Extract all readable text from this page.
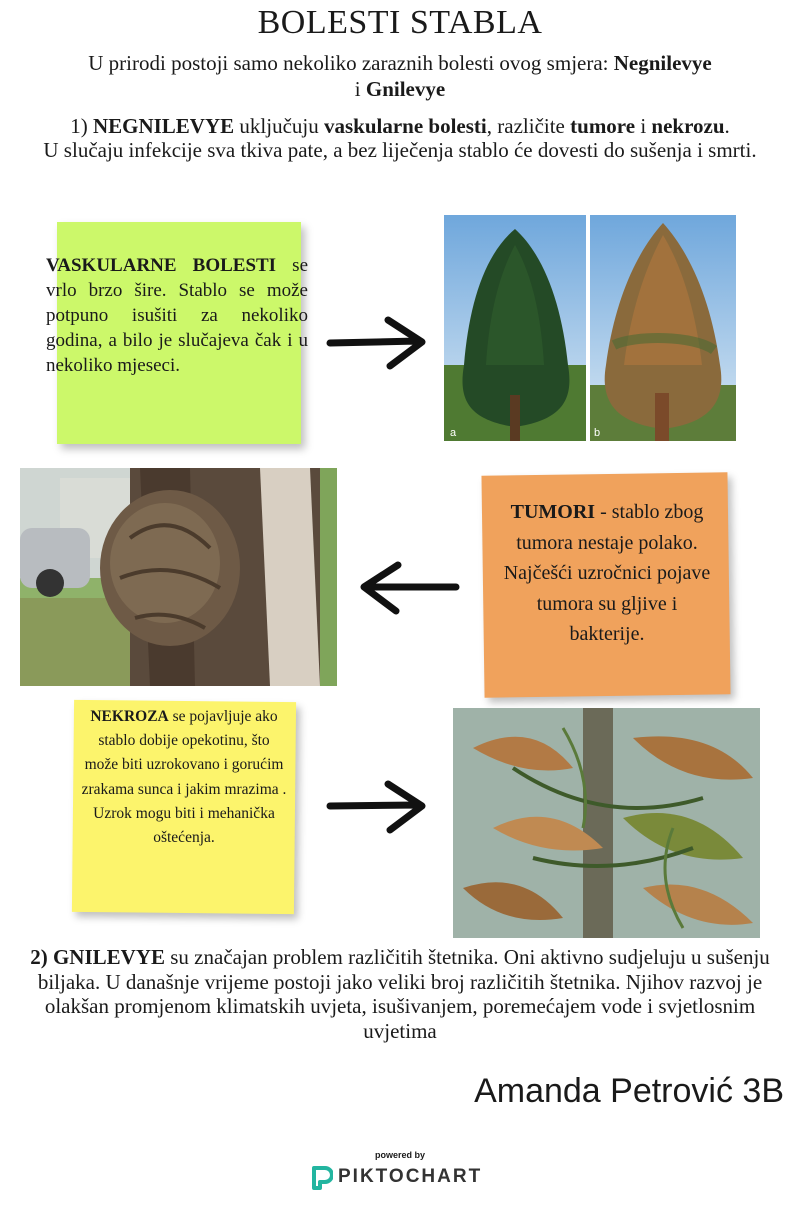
BOLESTI STABLA
U prirodi postoji samo nekoliko zaraznih bolesti ovog smjera: Negnilevye
i Gnilevye
1) NEGNILEVYE uključuju vaskularne bolesti, različite tumore i nekrozu.
U slučaju infekcije sva tkiva pate, a bez liječenja stablo će dovesti do sušenja i smrti.
VASKULARNE BOLESTI se vrlo brzo šire. Stablo se može potpuno isušiti za nekoliko godina, a bilo je slučajeva čak i u nekoliko mjeseci.
a	b
TUMORI - stablo zbog tumora nestaje polako. Najčešći uzročnici pojave tumora su gljive i bakterije.
NEKROZA se pojavljuje ako stablo dobije opekotinu, što može biti uzrokovano i gorućim zrakama sunca i jakim mrazima . Uzrok mogu biti i mehanička oštećenja.
2) GNILEVYE su značajan problem različitih štetnika. Oni aktivno sudjeluju u sušenju biljaka. U današnje vrijeme postoji jako veliki broj različitih štetnika. Njihov razvoj je olakšan promjenom klimatskih uvjeta, isušivanjem, poremećajem vode i svjetlosnim uvjetima
Amanda Petrović 3B
powered by
PIKTOCHART
